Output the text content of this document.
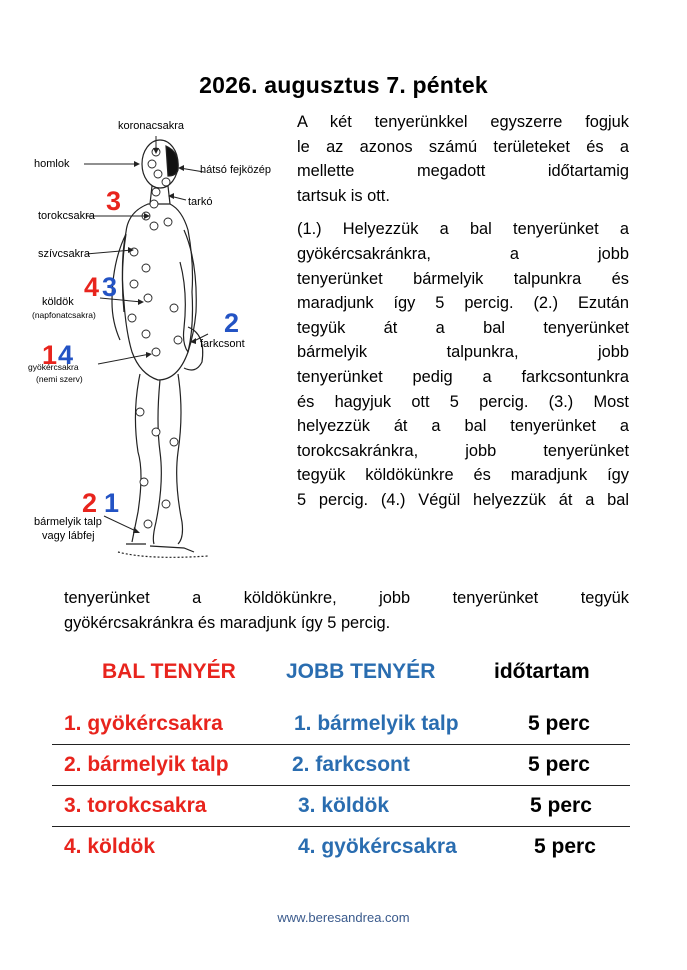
2026. augusztus 7. péntek
koronacsakra
homlok	hátsó fejközép
tarkó
torokcsakra
szívcsakra
köldök
(napfonatcsakra)
farkcsont
gyökércsakra
(nemi szerv)
bármelyik talp
vagy lábfej
3
4 3
2
1 4
2 1
A két tenyerünkkel egyszerre fogjuk
le az azonos számú területeket és a
mellette megadott időtartamig
tartsuk is ott.
(1.) Helyezzük a bal tenyerünket a
gyökércsakránkra, a jobb
tenyerünket bármelyik talpunkra és
maradjunk így 5 percig. (2.) Ezután
tegyük át a bal tenyerünket
bármelyik talpunkra, jobb
tenyerünket pedig a farkcsontunkra
és hagyjuk ott 5 percig. (3.) Most
helyezzük át a bal tenyerünket a
torokcsakránkra, jobb tenyerünket
tegyük köldökünkre és maradjunk így
5 percig. (4.) Végül helyezzük át a bal
tenyerünket a köldökünkre, jobb tenyerünket tegyük
gyökércsakránkra és maradjunk így 5 percig.
BAL TENYÉR JOBB TENYÉR	időtartam
1. gyökércsakra	1. bármelyik talp	5 perc
2. bármelyik talp	2. farkcsont	5 perc
3. torokcsakra	3. köldök	5 perc
4. köldök	4. gyökércsakra	5 perc
www.beresandrea.com
